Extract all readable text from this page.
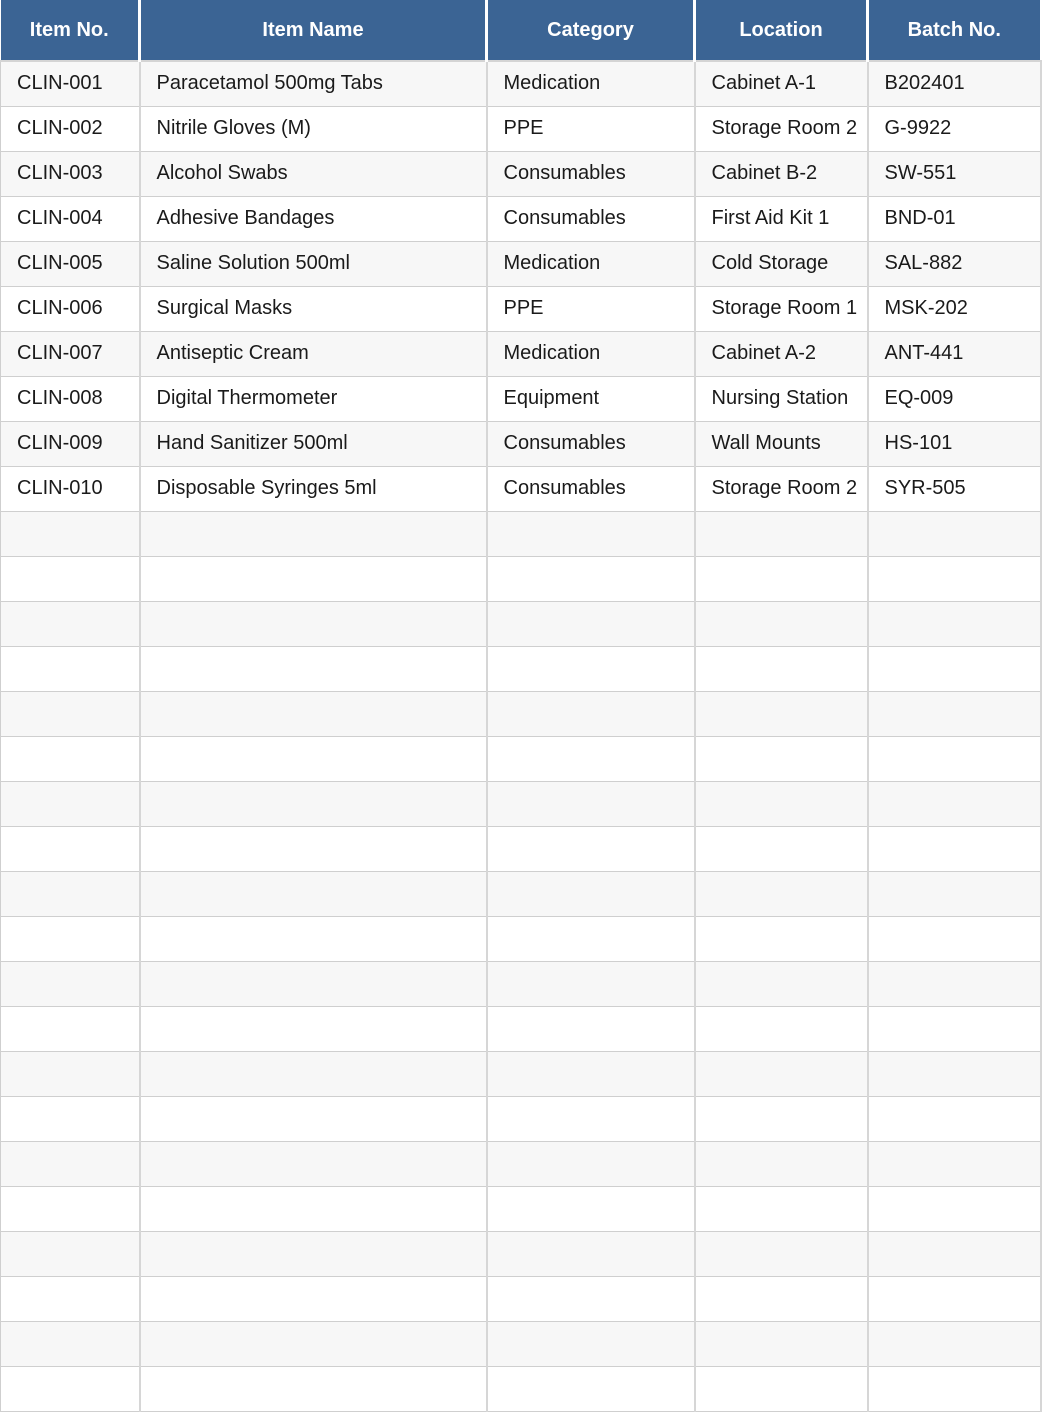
Item No.	Item Name	Category	Location	Batch No.
CLIN-001	Paracetamol 500mg Tabs	Medication	Cabinet A-1	B202401
CLIN-002	Nitrile Gloves (M)	PPE	Storage Room 2	G-9922
CLIN-003	Alcohol Swabs	Consumables	Cabinet B-2	SW-551
CLIN-004	Adhesive Bandages	Consumables	First Aid Kit 1	BND-01
CLIN-005	Saline Solution 500ml	Medication	Cold Storage	SAL-882
CLIN-006	Surgical Masks	PPE	Storage Room 1	MSK-202
CLIN-007	Antiseptic Cream	Medication	Cabinet A-2	ANT-441
CLIN-008	Digital Thermometer	Equipment	Nursing Station	EQ-009
CLIN-009	Hand Sanitizer 500ml	Consumables	Wall Mounts	HS-101
CLIN-010	Disposable Syringes 5ml	Consumables	Storage Room 2	SYR-505
